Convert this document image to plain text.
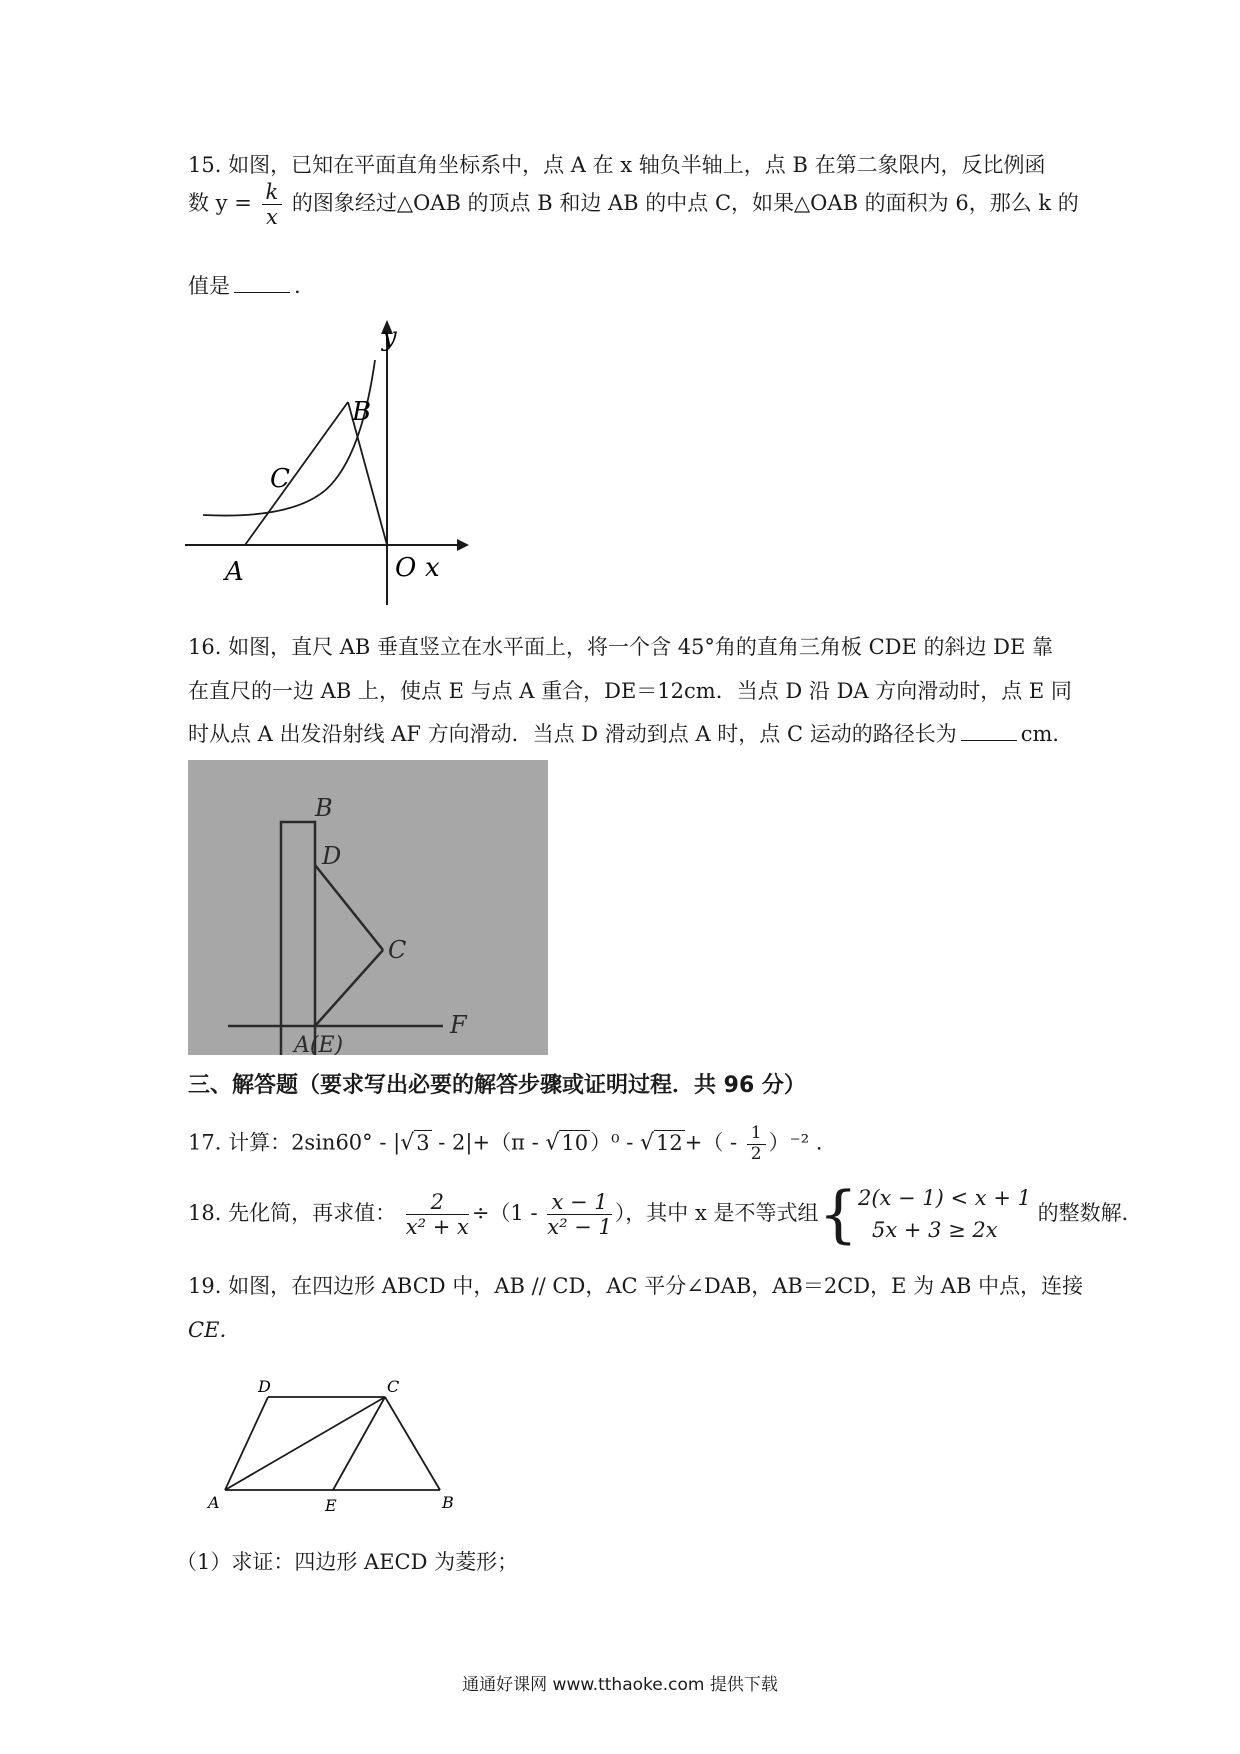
15. 如图，已知在平面直角坐标系中，点 A 在 x 轴负半轴上，点 B 在第二象限内，反比例函
数 $y = \frac{k}{x}$ 的图象经过△OAB 的顶点 B 和边 AB 的中点 C，如果△OAB 的面积为 6，那么 k 的
值是	.
y
O x
A
B
C
16. 如图，直尺 AB 垂直竖立在水平面上，将一个含 45°角的直角三角板 CDE 的斜边 DE 靠
在直尺的一边 AB 上，使点 E 与点 A 重合，DE＝12cm．当点 D 沿 DA 方向滑动时，点 E 同
时从点 A 出发沿射线 AF 方向滑动．当点 D 滑动到点 A 时，点 C 运动的路径长为	cm．
B
D
C
F
A(E)
三、解答题（要求写出必要的解答步骤或证明过程．共 96 分）
17. 计算：$2\sin 60^\circ - |√3 - 2|+(\pi - √10)^0 - √12+( - \frac{1}{2} )^{-2}$ .
18. 先化简，再求值： $\frac{2}{\text{x² + x}} \div(1 - \frac{x - 1}{\text{x² − 1}}$ ），其中 x 是不等式组{ 2(x − 1) < x + 1
5x + 3 ≥ 2x
的整数解．
19. 如图，在四边形 ABCD 中，AB // CD，AC 平分∠DAB，AB＝2CD，E 为 AB 中点，连接
CE．
D	C
A	E	B
（1）求证：四边形 AECD 为菱形；
通通好课网 www.tthaoke.com 提供下载
